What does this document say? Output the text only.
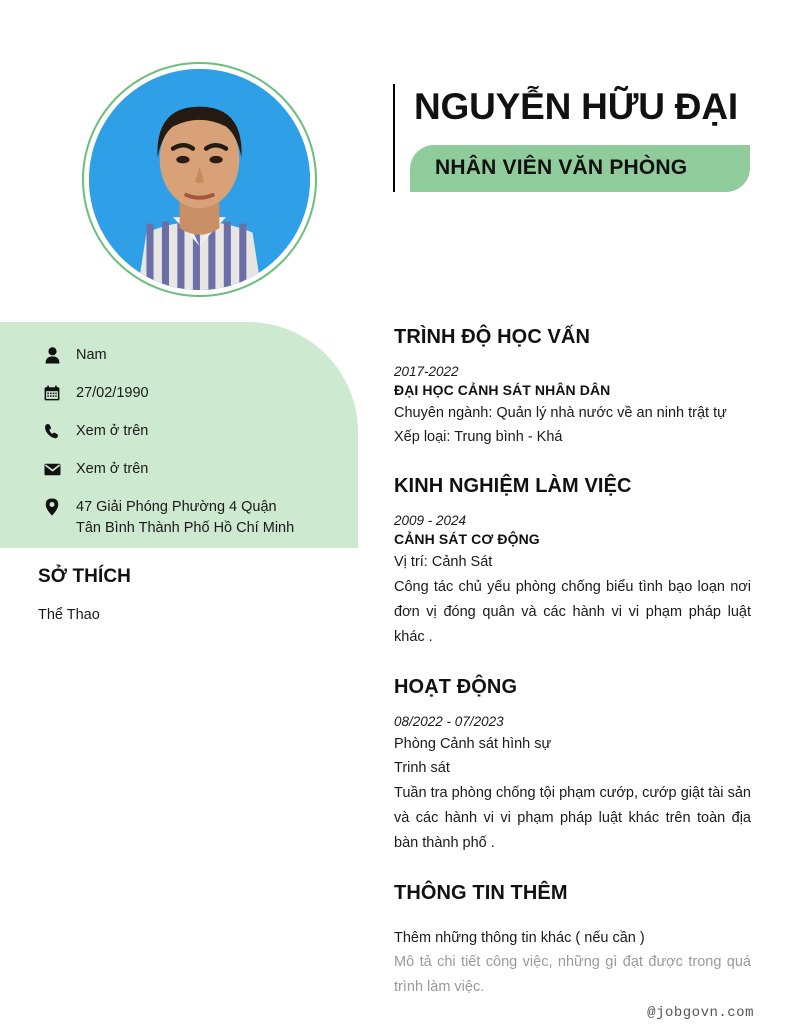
NGUYỄN HỮU ĐẠI
NHÂN VIÊN VĂN PHÒNG
Nam
27/02/1990
Xem ở trên
Xem ở trên
47 Giải Phóng Phường 4 Quận
Tân Bình Thành Phố Hồ Chí Minh
SỞ THÍCH
Thể Thao
TRÌNH ĐỘ HỌC VẤN
2017-2022
ĐẠI HỌC CẢNH SÁT NHÂN DÂN
Chuyên ngành: Quản lý nhà nước về an ninh trật tự
Xếp loại: Trung bình - Khá
KINH NGHIỆM LÀM VIỆC
2009 - 2024
CẢNH SÁT CƠ ĐỘNG
Vị trí: Cảnh Sát
Công tác chủ yếu phòng chống biểu tình bạo loạn nơi đơn vị đóng quân và các hành vi vi phạm pháp luật khác .
HOẠT ĐỘNG
08/2022 - 07/2023
Phòng Cảnh sát hình sự
Trinh sát
Tuần tra phòng chống tội phạm cướp, cướp giật tài sản và các hành vi vi phạm pháp luật khác trên toàn địa bàn thành phố .
THÔNG TIN THÊM
Thêm những thông tin khác ( nếu cần )
Mô tả chi tiết công việc, những gì đạt được trong quá trình làm việc.
@jobgovn.com
